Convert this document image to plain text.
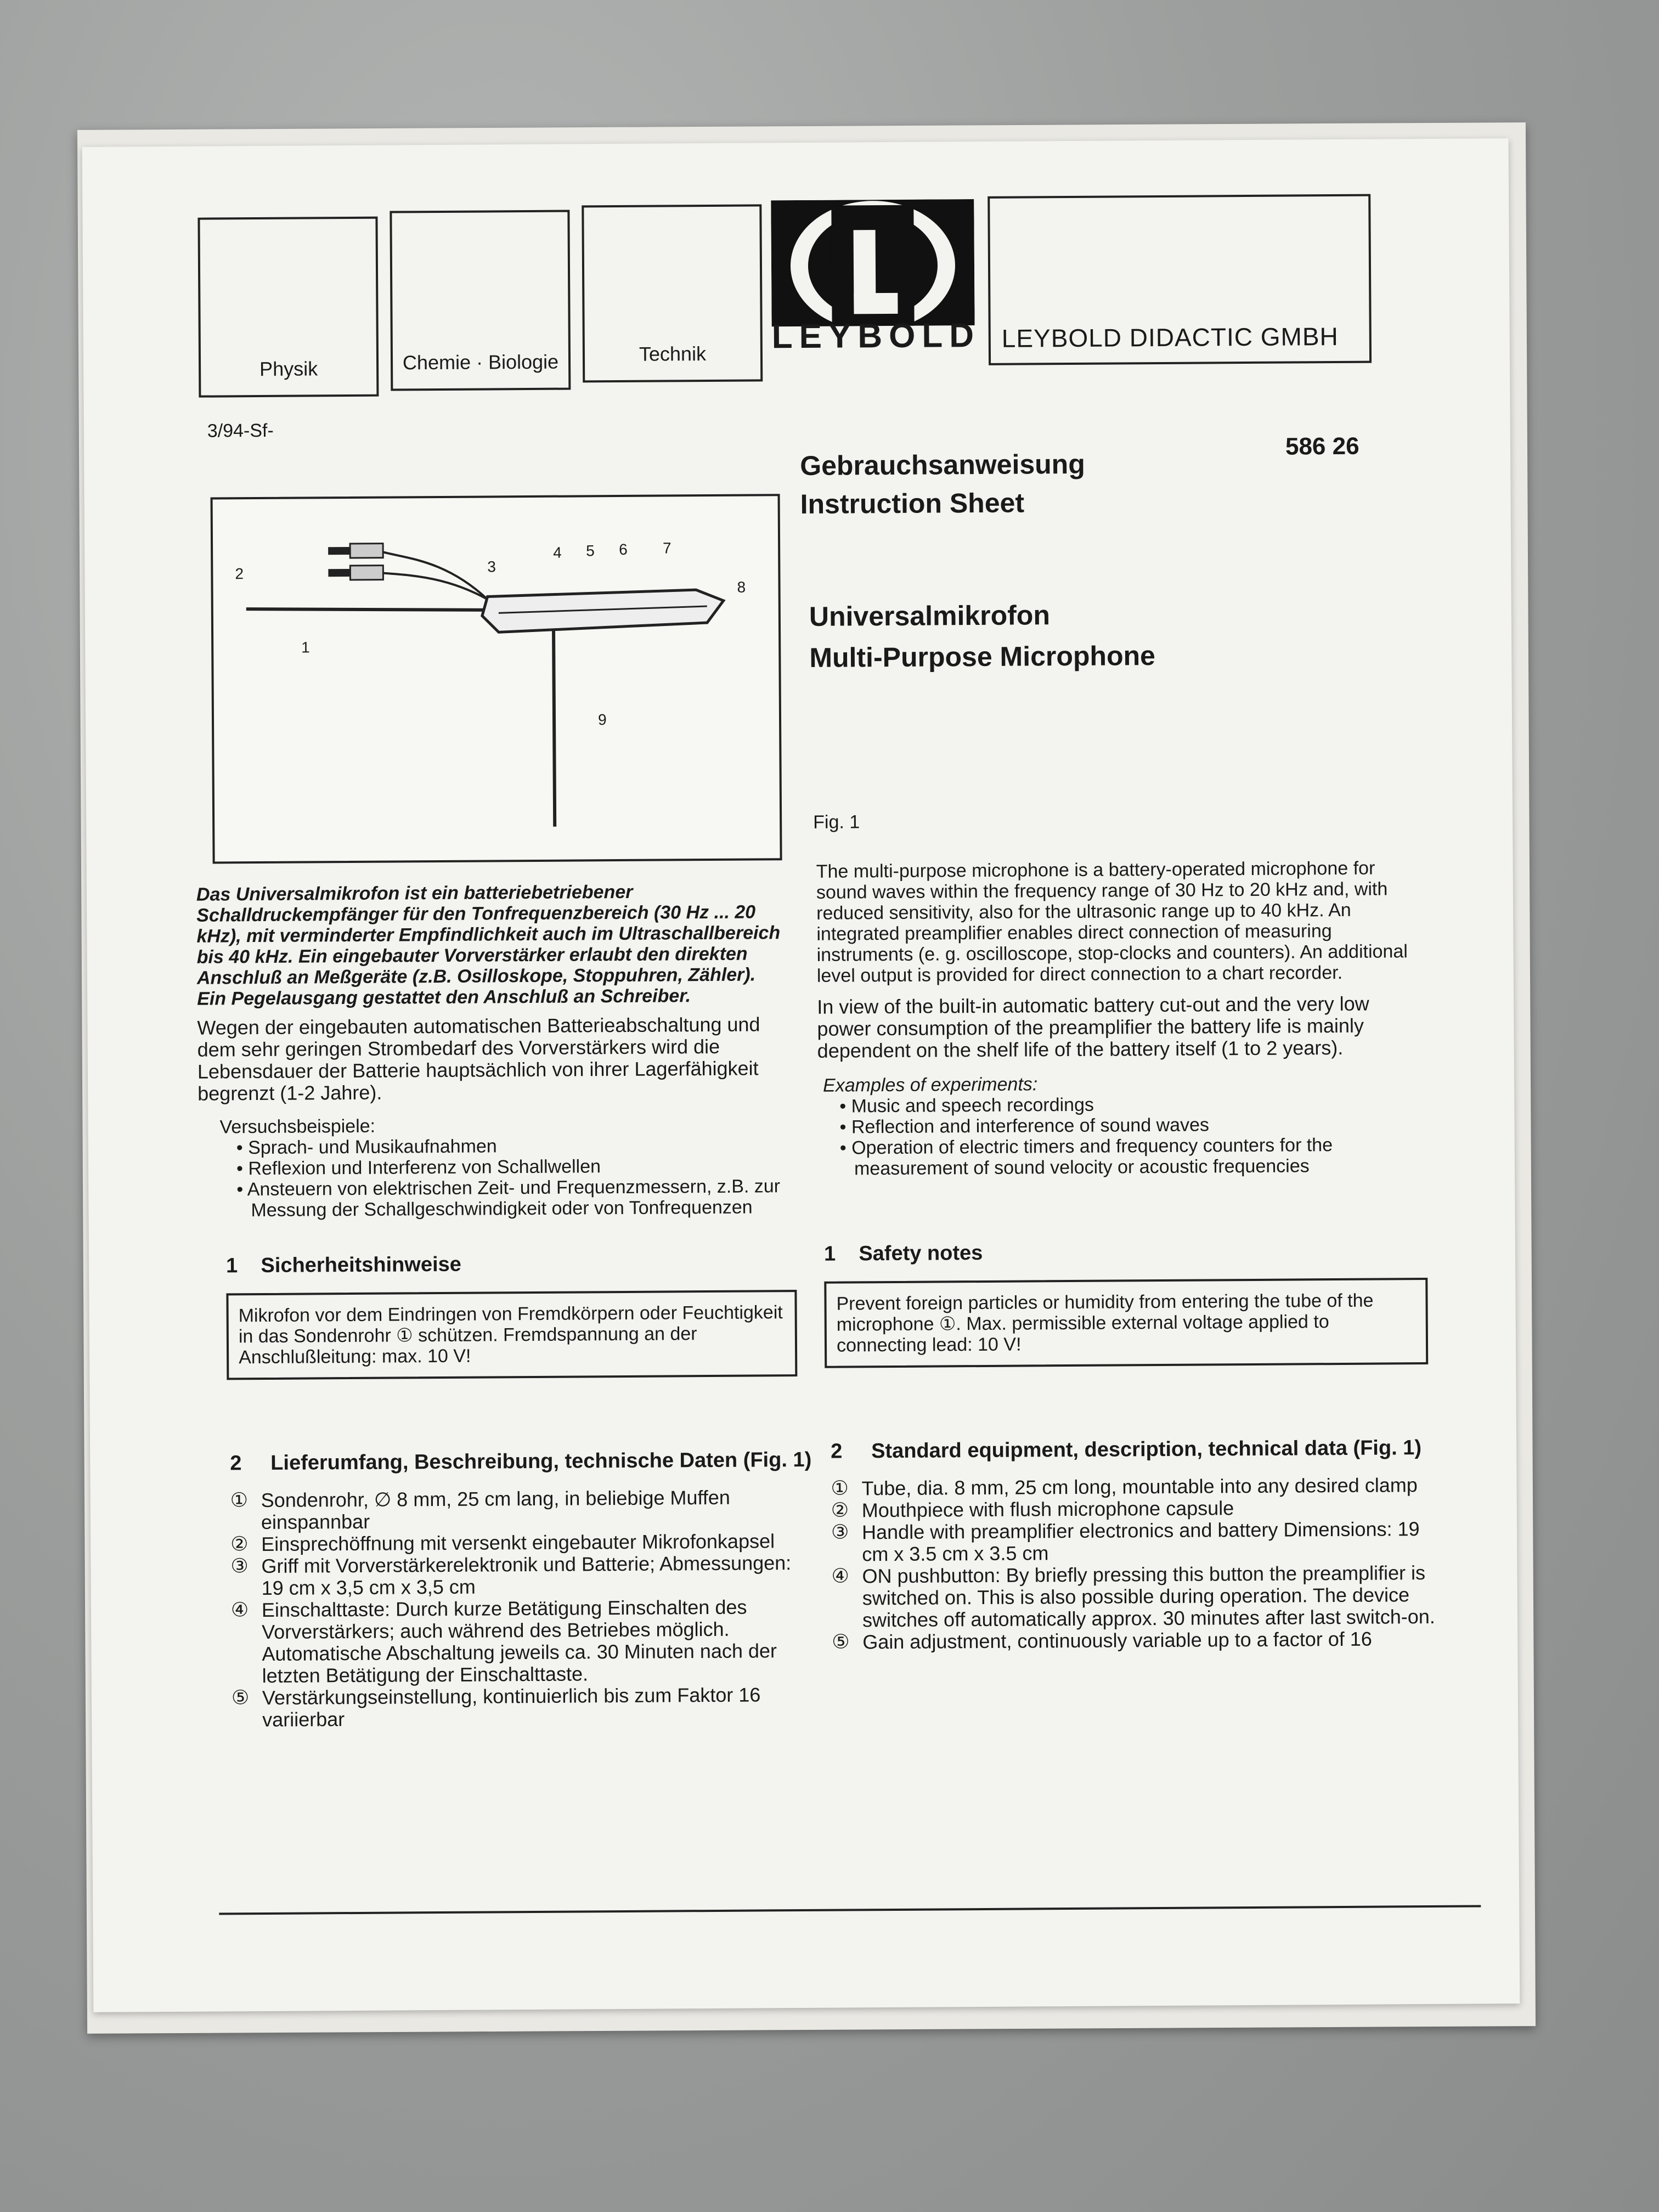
Physik	Chemie · Biologie	Technik	LEYBOLD LEYBOLD DIDACTIC GMBH
3/94-Sf-
586 26
Gebrauchsanweisung
Instruction Sheet
Universalmikrofon
Multi-Purpose Microphone
2
1
3
4 5 6 7
8
9
Fig. 1

Das Universalmikrofon ist ein batteriebetriebener Schalldruckempfänger für den Tonfrequenzbereich (30 Hz ... 20 kHz), mit verminderter Empfindlichkeit auch im Ultraschallbereich bis 40 kHz. Ein eingebauter Vorverstärker erlaubt den direkten Anschluß an Meßgeräte (z.B. Osilloskope, Stoppuhren, Zähler). Ein Pegelausgang gestattet den Anschluß an Schreiber.

Wegen der eingebauten automatischen Batterieabschaltung und dem sehr geringen Strombedarf des Vorverstärkers wird die Lebensdauer der Batterie hauptsächlich von ihrer Lagerfähigkeit begrenzt (1-2 Jahre).

Versuchsbeispiele:

• Sprach- und Musikaufnahmen

• Reflexion und Interferenz von Schallwellen

• Ansteuern von elektrischen Zeit- und Frequenzmessern, z.B. zur Messung der Schallgeschwindigkeit oder von Tonfrequenzen

The multi-purpose microphone is a battery-operated microphone for sound waves within the frequency range of 30 Hz to 20 kHz and, with reduced sensitivity, also for the ultrasonic range up to 40 kHz. An integrated preamplifier enables direct connection of measuring instruments (e. g. oscilloscope, stop-clocks and counters). An additional level output is provided for direct connection to a chart recorder.

In view of the built-in automatic battery cut-out and the very low power consumption of the preamplifier the battery life is mainly dependent on the shelf life of the battery itself (1 to 2 years).

Examples of experiments:

• Music and speech recordings

• Reflection and interference of sound waves

• Operation of electric timers and frequency counters for the measurement of sound velocity or acoustic frequencies

1 Sicherheitshinweise
Mikrofon vor dem Eindringen von Fremdkörpern oder Feuchtigkeit in das Sondenrohr ① schützen. Fremdspannung an der Anschlußleitung: max. 10 V!
1 Safety notes
Prevent foreign particles or humidity from entering the tube of the microphone ①. Max. permissible external voltage applied to connecting lead: 10 V!
2 Lieferumfang, Beschreibung, technische Daten (Fig. 1)

① Sondenrohr, ∅ 8 mm, 25 cm lang, in beliebige Muffen einspannbar

② Einsprechöffnung mit versenkt eingebauter Mikrofonkapsel

③ Griff mit Vorverstärkerelektronik und Batterie; Abmessungen: 19 cm x 3,5 cm x 3,5 cm

④ Einschalttaste: Durch kurze Betätigung Einschalten des Vorverstärkers; auch während des Betriebes möglich. Automatische Abschaltung jeweils ca. 30 Minuten nach der letzten Betätigung der Einschalttaste.

⑤ Verstärkungseinstellung, kontinuierlich bis zum Faktor 16 variierbar

2 Standard equipment, description, technical data (Fig. 1)

① Tube, dia. 8 mm, 25 cm long, mountable into any desired clamp

② Mouthpiece with flush microphone capsule

③ Handle with preamplifier electronics and battery Dimensions: 19 cm x 3.5 cm x 3.5 cm

④ ON pushbutton: By briefly pressing this button the preamplifier is switched on. This is also possible during operation. The device switches off automatically approx. 30 minutes after last switch-on.

⑤ Gain adjustment, continuously variable up to a factor of 16
